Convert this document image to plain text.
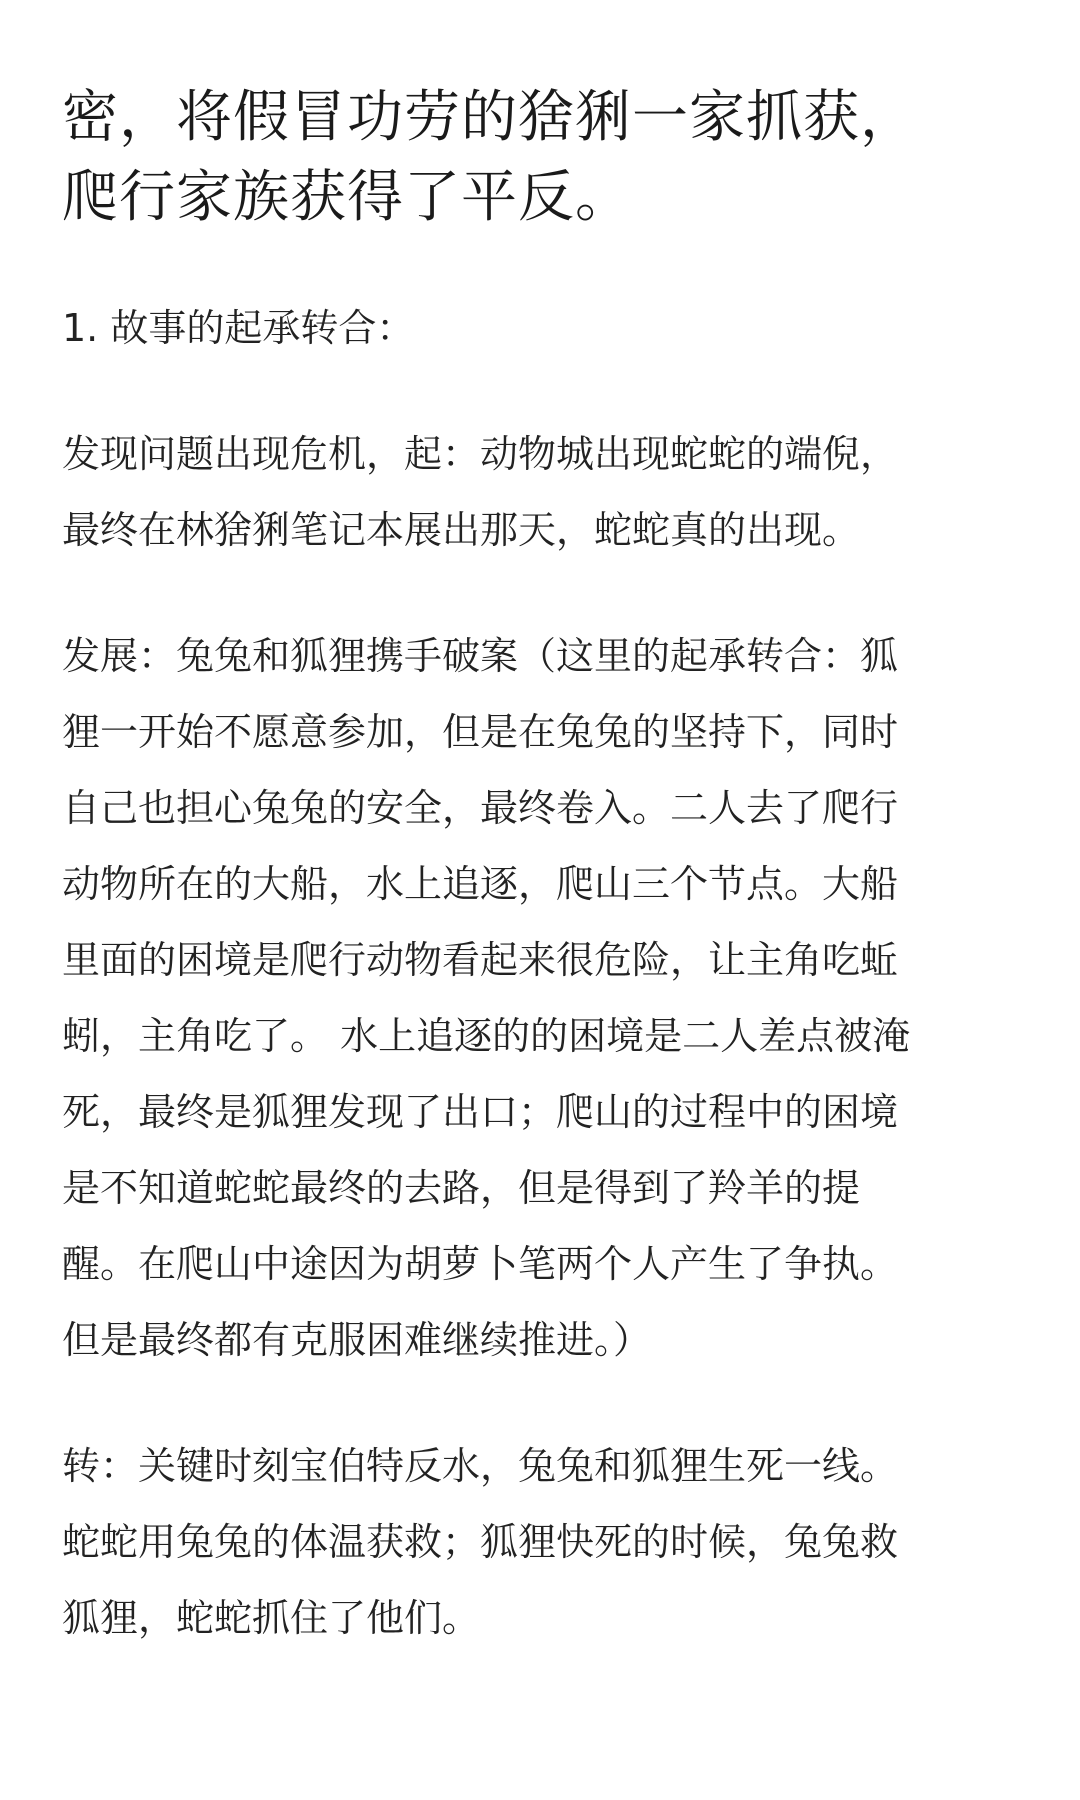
密，将假冒功劳的猞猁一家抓获，
爬行家族获得了平反。

1. 故事的起承转合：

发现问题出现危机，起：动物城出现蛇蛇的端倪，
最终在林猞猁笔记本展出那天，蛇蛇真的出现。

发展：兔兔和狐狸携手破案（这里的起承转合：狐
狸一开始不愿意参加，但是在兔兔的坚持下，同时
自己也担心兔兔的安全，最终卷入。二人去了爬行
动物所在的大船，水上追逐，爬山三个节点。大船
里面的困境是爬行动物看起来很危险，让主角吃蚯
蚓，主角吃了。 水上追逐的的困境是二人差点被淹
死，最终是狐狸发现了出口；爬山的过程中的困境
是不知道蛇蛇最终的去路，但是得到了羚羊的提
醒。在爬山中途因为胡萝卜笔两个人产生了争执。
但是最终都有克服困难继续推进。）

转：关键时刻宝伯特反水，兔兔和狐狸生死一线。
蛇蛇用兔兔的体温获救；狐狸快死的时候，兔兔救
狐狸，蛇蛇抓住了他们。
